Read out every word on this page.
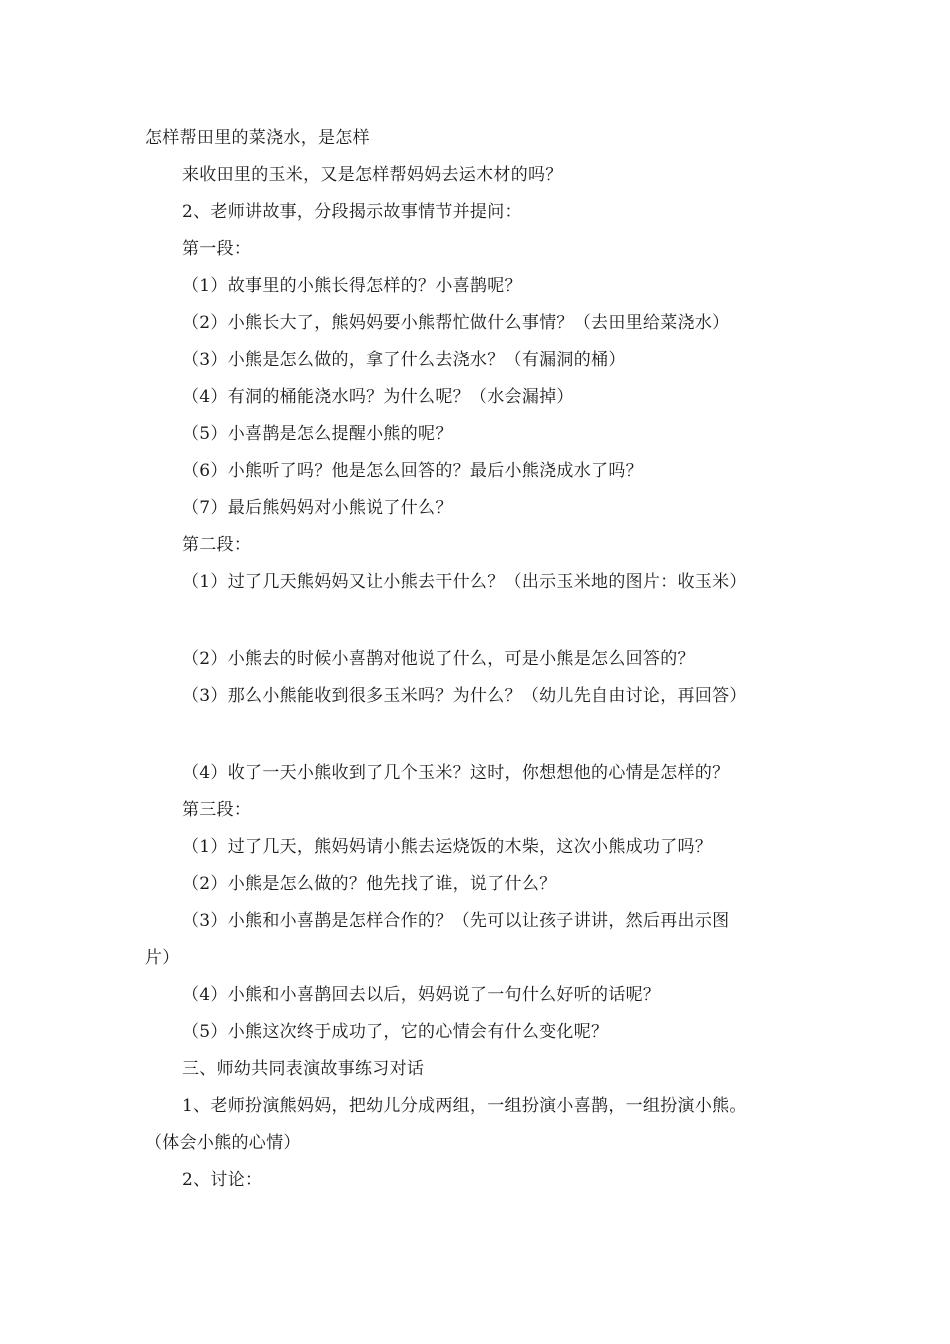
怎样帮田里的菜浇水，是怎样
来收田里的玉米，又是怎样帮妈妈去运木材的吗？
2、老师讲故事，分段揭示故事情节并提问：
第一段：
（1）故事里的小熊长得怎样的？小喜鹊呢？
（2）小熊长大了，熊妈妈要小熊帮忙做什么事情？（去田里给菜浇水）
（3）小熊是怎么做的，拿了什么去浇水？（有漏洞的桶）
（4）有洞的桶能浇水吗？为什么呢？（水会漏掉）
（5）小喜鹊是怎么提醒小熊的呢？
（6）小熊听了吗？他是怎么回答的？最后小熊浇成水了吗？
（7）最后熊妈妈对小熊说了什么？
第二段：
（1）过了几天熊妈妈又让小熊去干什么？（出示玉米地的图片：收玉米）
（2）小熊去的时候小喜鹊对他说了什么，可是小熊是怎么回答的？
（3）那么小熊能收到很多玉米吗？为什么？（幼儿先自由讨论，再回答）
（4）收了一天小熊收到了几个玉米？这时，你想想他的心情是怎样的？
第三段：
（1）过了几天，熊妈妈请小熊去运烧饭的木柴，这次小熊成功了吗？
（2）小熊是怎么做的？他先找了谁，说了什么？
（3）小熊和小喜鹊是怎样合作的？（先可以让孩子讲讲，然后再出示图
片）
（4）小熊和小喜鹊回去以后，妈妈说了一句什么好听的话呢？
（5）小熊这次终于成功了，它的心情会有什么变化呢？
三、师幼共同表演故事练习对话
1、老师扮演熊妈妈，把幼儿分成两组，一组扮演小喜鹊，一组扮演小熊。
（体会小熊的心情）
2、讨论：
